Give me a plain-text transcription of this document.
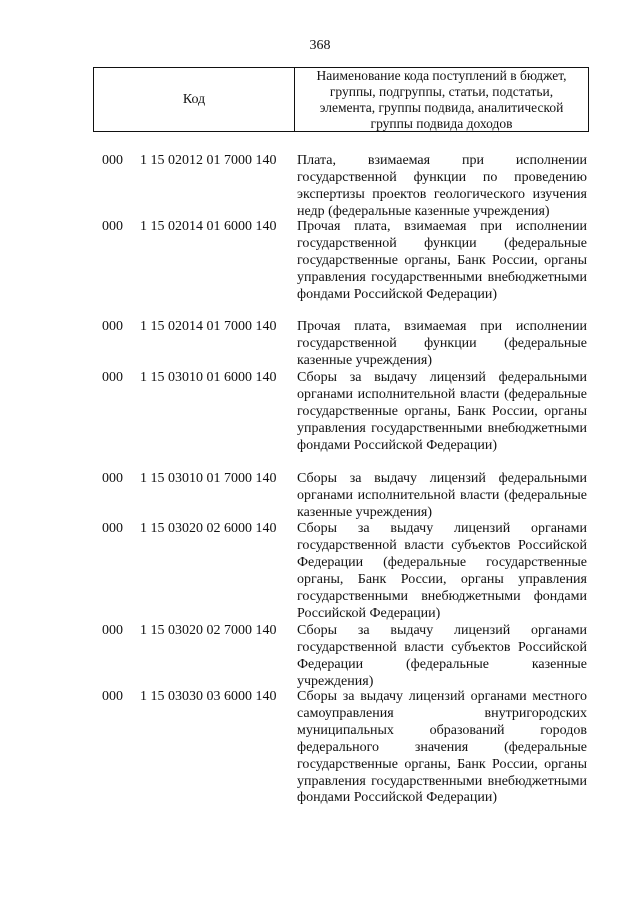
368
Код
Наименование кода поступлений в бюджет, группы, подгруппы, статьи, подстатьи, элемента, группы подвида, аналитической группы подвида доходов
000 1 15 02012 01 7000 140 Плата, взимаемая при исполнении государственной функции по проведению экспертизы проектов геологического изучения недр (федеральные казенные учреждения)
000 1 15 02014 01 6000 140 Прочая плата, взимаемая при исполнении государственной функции (федеральные государственные органы, Банк России, органы управления государственными внебюджетными фондами Российской Федерации)
000 1 15 02014 01 7000 140 Прочая плата, взимаемая при исполнении государственной функции (федеральные казенные учреждения)
000 1 15 03010 01 6000 140 Сборы за выдачу лицензий федеральными органами исполнительной власти (федеральные государственные органы, Банк России, органы управления государственными внебюджетными фондами Российской Федерации)
000 1 15 03010 01 7000 140 Сборы за выдачу лицензий федеральными органами исполнительной власти (федеральные казенные учреждения)
000 1 15 03020 02 6000 140 Сборы за выдачу лицензий органами государственной власти субъектов Российской Федерации (федеральные государственные органы, Банк России, органы управления государственными внебюджетными фондами Российской Федерации)
000 1 15 03020 02 7000 140 Сборы за выдачу лицензий органами государственной власти субъектов Российской Федерации (федеральные казенные учреждения)
000 1 15 03030 03 6000 140 Сборы за выдачу лицензий органами местного самоуправления внутригородских муниципальных образований городов федерального значения (федеральные государственные органы, Банк России, органы управления государственными внебюджетными фондами Российской Федерации)
